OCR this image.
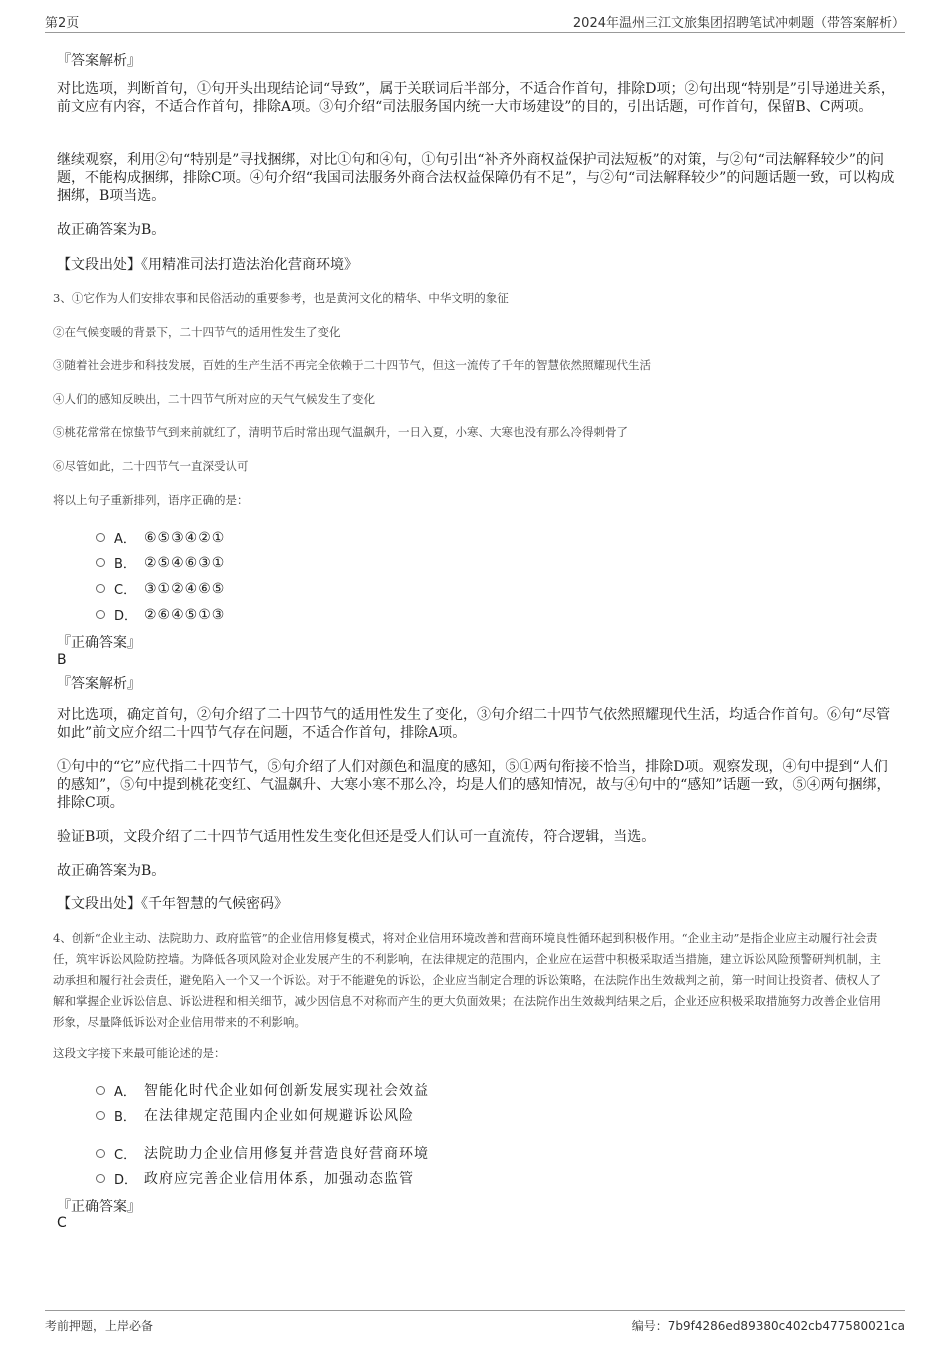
第2页	2024年温州三江文旅集团招聘笔试冲刺题（带答案解析）
『答案解析』
对比选项，判断首句，①句开头出现结论词“导致”，属于关联词后半部分，不适合作首句，排除D项；②句出现“特别是”引导递进关系，前文应有内容，不适合作首句，排除A项。③句介绍“司法服务国内统一大市场建设”的目的，引出话题，可作首句，保留B、C两项。
继续观察，利用②句“特别是”寻找捆绑，对比①句和④句，①句引出“补齐外商权益保护司法短板”的对策，与②句“司法解释较少”的问题，不能构成捆绑，排除C项。④句介绍“我国司法服务外商合法权益保障仍有不足”，与②句“司法解释较少”的问题话题一致，可以构成捆绑，B项当选。
故正确答案为B。
【文段出处】《用精准司法打造法治化营商环境》
3、①它作为人们安排农事和民俗活动的重要参考，也是黄河文化的精华、中华文明的象征
②在气候变暖的背景下，二十四节气的适用性发生了变化
③随着社会进步和科技发展，百姓的生产生活不再完全依赖于二十四节气，但这一流传了千年的智慧依然照耀现代生活
④人们的感知反映出，二十四节气所对应的天气气候发生了变化
⑤桃花常常在惊蛰节气到来前就红了，清明节后时常出现气温飙升，一日入夏，小寒、大寒也没有那么冷得刺骨了
⑥尽管如此，二十四节气一直深受认可
将以上句子重新排列，语序正确的是：
A． ⑥⑤③④②①
B． ②⑤④⑥③①
C． ③①②④⑥⑤
D． ②⑥④⑤①③
『正确答案』
B
『答案解析』
对比选项，确定首句，②句介绍了二十四节气的适用性发生了变化，③句介绍二十四节气依然照耀现代生活，均适合作首句。⑥句“尽管如此”前文应介绍二十四节气存在问题，不适合作首句，排除A项。
①句中的“它”应代指二十四节气，⑤句介绍了人们对颜色和温度的感知，⑤①两句衔接不恰当，排除D项。观察发现，④句中提到“人们的感知”，⑤句中提到桃花变红、气温飙升、大寒小寒不那么冷，均是人们的感知情况，故与④句中的“感知”话题一致，⑤④两句捆绑，排除C项。
验证B项，文段介绍了二十四节气适用性发生变化但还是受人们认可一直流传，符合逻辑，当选。
故正确答案为B。
【文段出处】《千年智慧的气候密码》
4、创新“企业主动、法院助力、政府监管”的企业信用修复模式，将对企业信用环境改善和营商环境良性循环起到积极作用。“企业主动”是指企业应主动履行社会责任，筑牢诉讼风险防控墙。为降低各项风险对企业发展产生的不利影响，在法律规定的范围内，企业应在运营中积极采取适当措施，建立诉讼风险预警研判机制，主动承担和履行社会责任，避免陷入一个又一个诉讼。对于不能避免的诉讼，企业应当制定合理的诉讼策略，在法院作出生效裁判之前，第一时间让投资者、债权人了解和掌握企业诉讼信息、诉讼进程和相关细节，减少因信息不对称而产生的更大负面效果；在法院作出生效裁判结果之后，企业还应积极采取措施努力改善企业信用形象，尽量降低诉讼对企业信用带来的不利影响。
这段文字接下来最可能论述的是：
A． 智能化时代企业如何创新发展实现社会效益
B． 在法律规定范围内企业如何规避诉讼风险
C． 法院助力企业信用修复并营造良好营商环境
D． 政府应完善企业信用体系，加强动态监管
『正确答案』
C
考前押题，上岸必备	编号：7b9f4286ed89380c402cb477580021ca
